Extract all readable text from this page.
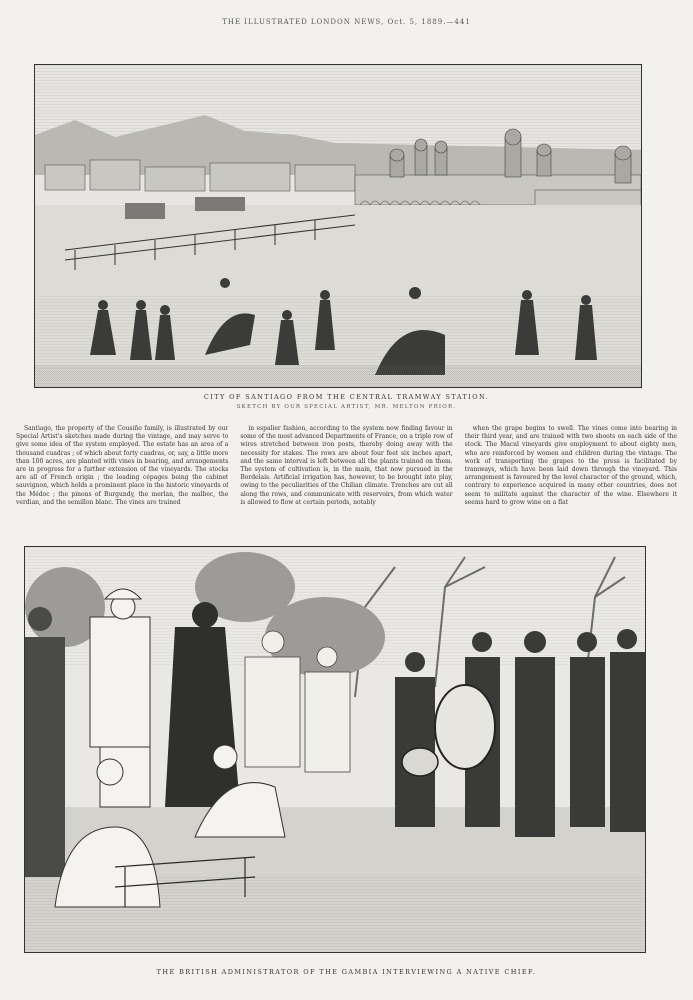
THE ILLUSTRATED LONDON NEWS, Oct. 5, 1889.—441
CITY OF SANTIAGO FROM THE CENTRAL TRAMWAY STATION.
SKETCH BY OUR SPECIAL ARTIST, MR. MELTON PRIOR.

Santiago, the property of the Cousiño family, is illustrated by our Special Artist's sketches made during the vintage, and may serve to give some idea of the system employed. The estate has an area of a thousand cuadras ; of which about forty cuadras, or, say, a little more than 100 acres, are planted with vines in bearing, and arrangements are in progress for a further extension of the vineyards. The stocks are all of French origin ; the leading cépages being the cabinet sauvignon, which holds a prominent place in the historic vineyards of the Médoc ; the pinons of Burgundy, the merlan, the malbec, the verdian, and the semillon blanc. The vines are trained

in espalier fashion, according to the system now finding favour in some of the most advanced Departments of France, on a triple row of wires stretched between iron posts, thereby doing away with the necessity for stakes. The rows are about four feet six inches apart, and the same interval is left between all the plants trained on them. The system of cultivation is, in the main, that now pursued in the Bordelais. Artificial irrigation has, however, to be brought into play, owing to the peculiarities of the Chilian climate. Trenches are cut all along the rows, and communicate with reservoirs, from which water is allowed to flow at certain periods, notably

when the grape begins to swell. The vines come into bearing in their third year, and are trained with two shoots on each side of the stock. The Macul vineyards give employment to about eighty men, who are reinforced by women and children during the vintage. The work of transporting the grapes to the press is facilitated by tramways, which have been laid down through the vineyard. This arrangement is favoured by the level character of the ground, which, contrary to experience acquired in many other countries, does not seem to militate against the character of the wine. Elsewhere it seems hard to grow wine on a flat

THE BRITISH ADMINISTRATOR OF THE GAMBIA INTERVIEWING A NATIVE CHIEF.
